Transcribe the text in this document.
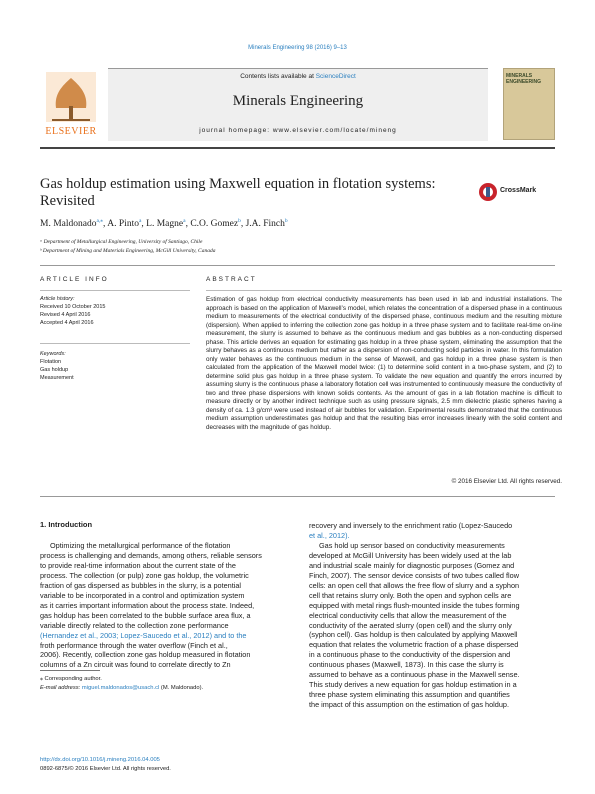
Minerals Engineering 98 (2016) 9–13
ELSEVIER
Contents lists available at ScienceDirect
Minerals Engineering
journal homepage: www.elsevier.com/locate/mineng
MINERALS
ENGINEERING
Gas holdup estimation using Maxwell equation in flotation systems: Revisited
CrossMark
M. Maldonado$^{a,⁎}$, A. Pinto$^a$, L. Magne$^a$, C.O. Gomez$^b$, J.A. Finch$^b$
ᵃ Department of Metallurgical Engineering, University of Santiago, Chile
ᵇ Department of Mining and Materials Engineering, McGill University, Canada
ARTICLE INFO
Article history:
Received 10 October 2015
Revised 4 April 2016
Accepted 4 April 2016
Keywords:
Flotation
Gas holdup
Measurement
ABSTRACT
Estimation of gas holdup from electrical conductivity measurements has been used in lab and industrial installations. The approach is based on the application of Maxwell’s model, which relates the concentration of a dispersed phase in a continuous medium to measurements of the electrical conductivity of the dispersed phase, continuous medium and the resulting mixture (dispersion). When applied to inferring the collection zone gas holdup in a three phase system and to facilitate real-time on-line measurement, the slurry is assumed to behave as the continuous medium and gas bubbles as a non-conducting dispersed phase. This article derives an equation for estimating gas holdup in a three phase system, eliminating the assumption that the slurry behaves as a continuous medium but rather as a dispersion of non-conducting solid particles in water. In this formulation only water behaves as the continuous medium in the sense of Maxwell, and gas holdup in a three phase system is then calculated from the application of the Maxwell model twice: (1) to determine solid content in a two-phase system, and (2) to determine solid plus gas holdup in a three phase system. To validate the new equation and quantify the errors incurred by assuming slurry is the continuous phase a laboratory flotation cell was instrumented to continuously measure the conductivity of two and three phase dispersions with known solids contents. As the amount of gas in a lab flotation machine is difficult to measure directly or by another indirect technique such as using pressure signals, 2.5 mm dielectric plastic spheres having a density of ca. 1.3 g/cm³ were used instead of air bubbles for validation. Experimental results demonstrated that the continuous medium assumption underestimates gas holdup and that the resulting bias error increases linearly with the solid content and decreases with the magnitude of gas holdup.
© 2016 Elsevier Ltd. All rights reserved.
1. Introduction
Optimizing the metallurgical performance of the flotation
process is challenging and demands, among others, reliable sensors
to provide real-time information about the current state of the
process. The collection (or pulp) zone gas holdup, the volumetric
fraction of gas dispersed as bubbles in the slurry, is a potential
variable to be incorporated in a control and optimization system
as it carries important information about the process state. Indeed,
gas holdup has been correlated to the bubble surface area flux, a
variable directly related to the collection zone performance
(Hernandez et al., 2003; Lopez-Saucedo et al., 2012) and to the
froth performance through the water overflow (Finch et al.,
2006). Recently, collection zone gas holdup measured in flotation
columns of a Zn circuit was found to correlate directly to Zn
recovery and inversely to the enrichment ratio (Lopez-Saucedo
et al., 2012).
Gas hold up sensor based on conductivity measurements
developed at McGill University has been widely used at the lab
and industrial scale mainly for diagnostic purposes (Gomez and
Finch, 2007). The sensor device consists of two tubes called flow
cells: an open cell that allows the free flow of slurry and a syphon
cell that retains slurry only. Both the open and syphon cells are
equipped with metal rings flush-mounted inside the tubes forming
electrical conductivity cells that allow the measurement of the
conductivity of the aerated slurry (open cell) and the slurry only
(syphon cell). Gas holdup is then calculated by applying Maxwell
equation that relates the volumetric fraction of a phase dispersed
in a continuous phase to the conductivity of the dispersion and
continuous phases (Maxwell, 1873). In this case the slurry is
assumed to behave as a continuous phase in the Maxwell sense.
This study derives a new equation for gas holdup estimation in a
three phase system eliminating this assumption and quantifies
the impact of this assumption on the estimation of gas holdup.
⁎ Corresponding author.
E-mail address: miguel.maldonados@usach.cl (M. Maldonado).
http://dx.doi.org/10.1016/j.mineng.2016.04.005
0892-6875/© 2016 Elsevier Ltd. All rights reserved.
